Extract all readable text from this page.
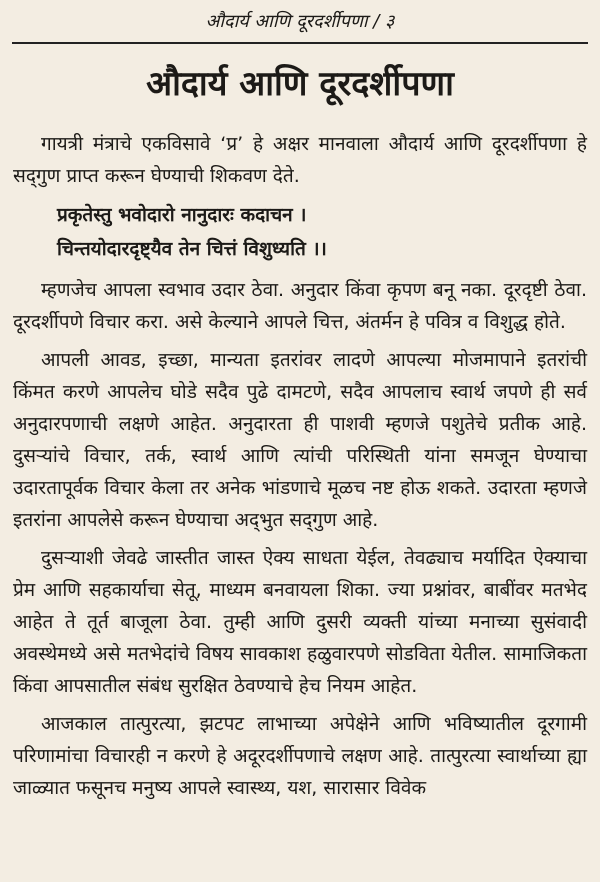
औदार्य आणि दूरदर्शीपणा / ३
औदार्य आणि दूरदर्शीपणा

गायत्री मंत्राचे एकविसावे ‘प्र’ हे अक्षर मानवाला औदार्य आणि दूरदर्शीपणा हे सद्‌गुण प्राप्त करून घेण्याची शिकवण देते.

प्रकृतेस्तु भवोदारो नानुदारः कदाचन ।

चिन्तयोदारदृष्ट्यैव तेन चित्तं विशुध्यति ।।

म्हणजेच आपला स्वभाव उदार ठेवा. अनुदार किंवा कृपण बनू नका. दूरदृष्टी ठेवा. दूरदर्शीपणे विचार करा. असे केल्याने आपले चित्त, अंतर्मन हे पवित्र व विशुद्ध होते.

आपली आवड, इच्छा, मान्यता इतरांवर लादणे आपल्या मोजमापाने इतरांची किंमत करणे आपलेच घोडे सदैव पुढे दामटणे, सदैव आपलाच स्वार्थ जपणे ही सर्व अनुदारपणाची लक्षणे आहेत. अनुदारता ही पाशवी म्हणजे पशुतेचे प्रतीक आहे. दुसऱ्यांचे विचार, तर्क, स्वार्थ आणि त्यांची परिस्थिती यांना समजून घेण्याचा उदारतापूर्वक विचार केला तर अनेक भांडणाचे मूळच नष्ट होऊ शकते. उदारता म्हणजे इतरांना आपलेसे करून घेण्याचा अद्‌भुत सद्‌गुण आहे.

दुसऱ्याशी जेवढे जास्तीत जास्त ऐक्य साधता येईल, तेवढ्याच मर्यादित ऐक्याचा प्रेम आणि सहकार्याचा सेतू, माध्यम बनवायला शिका. ज्या प्रश्नांवर, बाबींवर मतभेद आहेत ते तूर्त बाजूला ठेवा. तुम्ही आणि दुसरी व्यक्ती यांच्या मनाच्या सुसंवादी अवस्थेमध्ये असे मतभेदांचे विषय सावकाश हळुवारपणे सोडविता येतील. सामाजिकता किंवा आपसातील संबंध सुरक्षित ठेवण्याचे हेच नियम आहेत.

आजकाल तात्पुरत्या, झटपट लाभाच्या अपेक्षेने आणि भविष्यातील दूरगामी परिणामांचा विचारही न करणे हे अदूरदर्शीपणाचे लक्षण आहे. तात्पुरत्या स्वार्थाच्या ह्या जाळ्यात फसूनच मनुष्य आपले स्वास्थ्य, यश, सारासार विवेक
